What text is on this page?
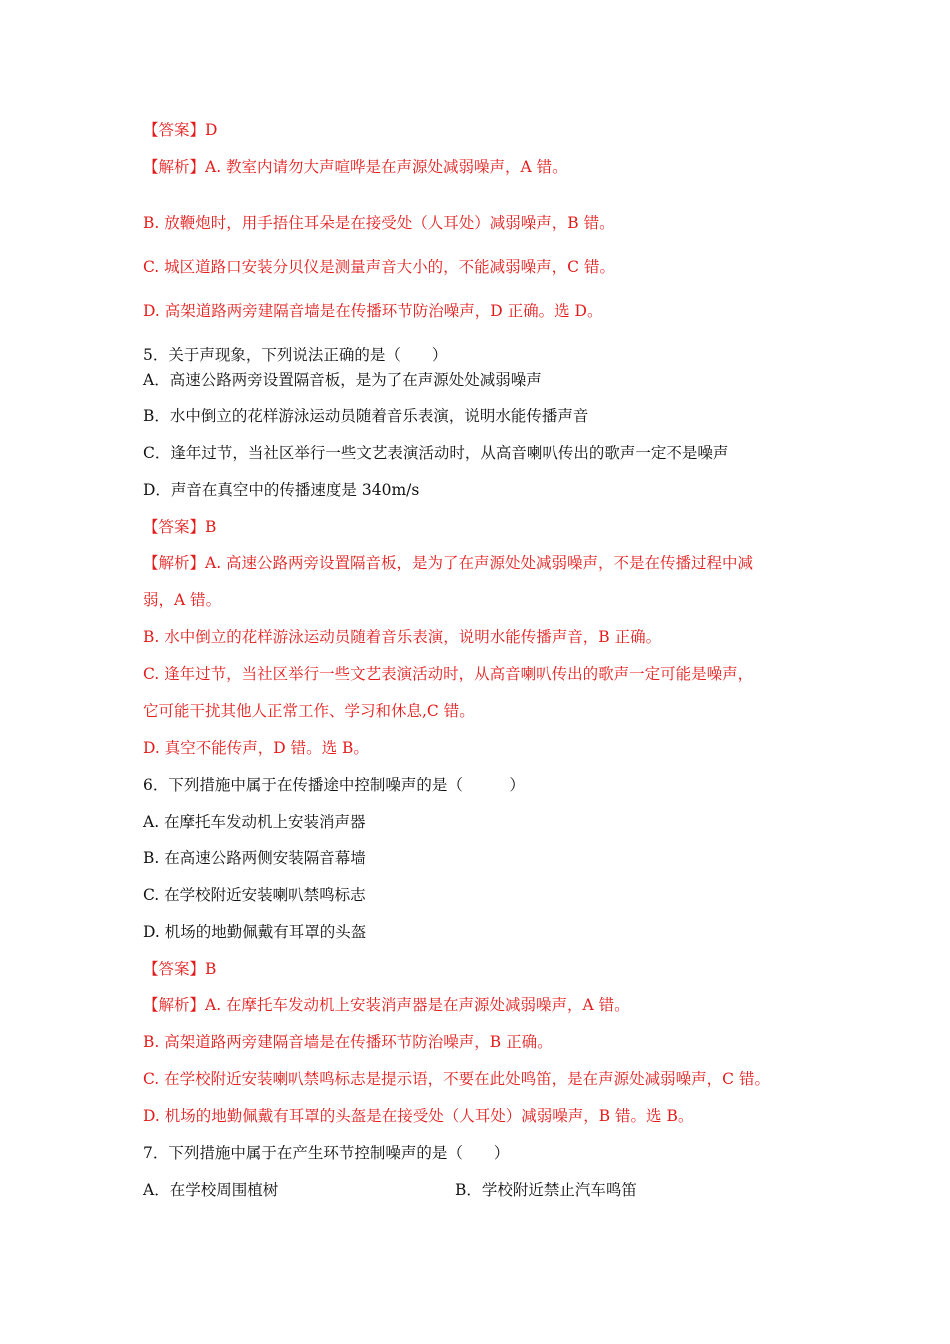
【答案】D
【解析】A. 教室内请勿大声喧哗是在声源处减弱噪声，A 错。
B. 放鞭炮时，用手捂住耳朵是在接受处（人耳处）减弱噪声，B 错。
C. 城区道路口安装分贝仪是测量声音大小的，不能减弱噪声，C 错。
D. 高架道路两旁建隔音墙是在传播环节防治噪声，D 正确。选 D。
5．关于声现象，下列说法正确的是（　　）
A．高速公路两旁设置隔音板，是为了在声源处处减弱噪声
B．水中倒立的花样游泳运动员随着音乐表演，说明水能传播声音
C．逢年过节，当社区举行一些文艺表演活动时，从高音喇叭传出的歌声一定不是噪声
D．声音在真空中的传播速度是 340m/s
【答案】B
【解析】A. 高速公路两旁设置隔音板，是为了在声源处处减弱噪声，不是在传播过程中减
弱，A 错。
B. 水中倒立的花样游泳运动员随着音乐表演，说明水能传播声音，B 正确。
C. 逢年过节，当社区举行一些文艺表演活动时，从高音喇叭传出的歌声一定可能是噪声，
它可能干扰其他人正常工作、学习和休息,C 错。
D. 真空不能传声，D 错。选 B。
6．下列措施中属于在传播途中控制噪声的是（　　　）
A. 在摩托车发动机上安装消声器
B. 在高速公路两侧安装隔音幕墙
C. 在学校附近安装喇叭禁鸣标志
D. 机场的地勤佩戴有耳罩的头盔
【答案】B
【解析】A. 在摩托车发动机上安装消声器是在声源处减弱噪声，A 错。
B. 高架道路两旁建隔音墙是在传播环节防治噪声，B 正确。
C. 在学校附近安装喇叭禁鸣标志是提示语，不要在此处鸣笛，是在声源处减弱噪声，C 错。
D. 机场的地勤佩戴有耳罩的头盔是在接受处（人耳处）减弱噪声，B 错。选 B。
7．下列措施中属于在产生环节控制噪声的是（　　）
A．在学校周围植树	B．学校附近禁止汽车鸣笛
